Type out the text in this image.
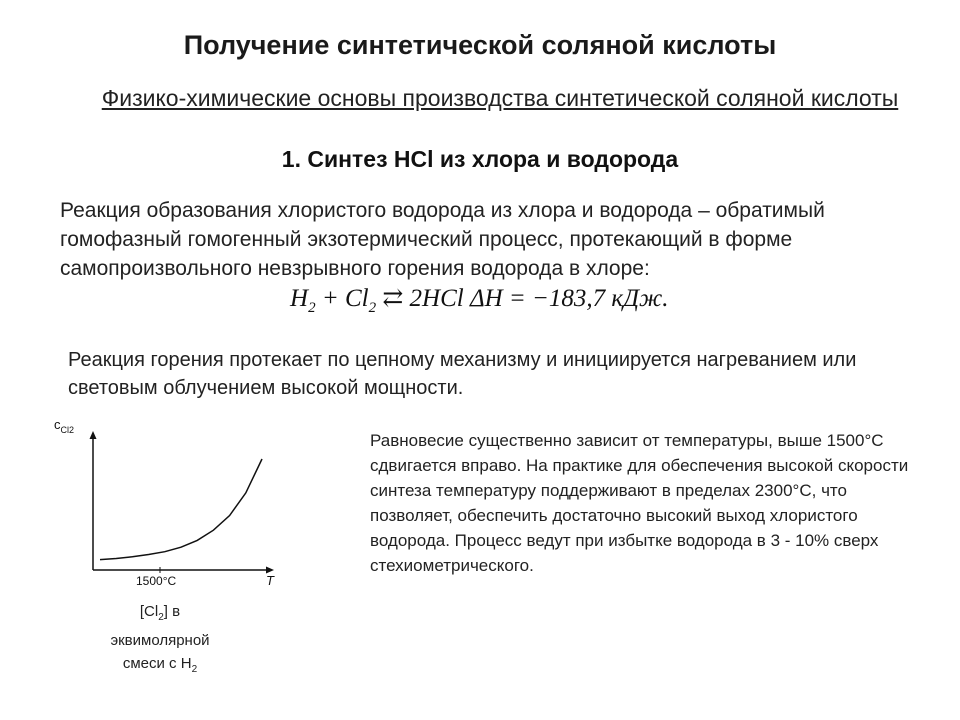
Получение синтетической соляной кислоты
Физико-химические основы производства синтетической соляной кислоты
1. Синтез HCl из хлора и водорода
Реакция образования хлористого водорода из хлора и водорода – обратимый гомофазный гомогенный экзотермический процесс, протекающий в форме самопроизвольного невзрывного горения водорода в хлоре:
$H_2 + Cl_2$ ⇄ 2HCl ΔH = −183,7 кДж.
Реакция горения протекает по цепному механизму и инициируется нагреванием или световым облучением высокой мощности.
Равновесие существенно зависит от температуры, выше 1500°С сдвигается вправо. На практике для обеспечения высокой скорости синтеза температуру поддерживают в пределах 2300°С, что позволяет, обеспечить достаточно высокий выход хлористого водорода. Процесс ведут при избытке водорода в 3 - 10% сверх стехиометрического.
$c_{Cl2}$
T
1500°C
$[Cl_2]$ в
эквимолярной
смеси с $H_2$
